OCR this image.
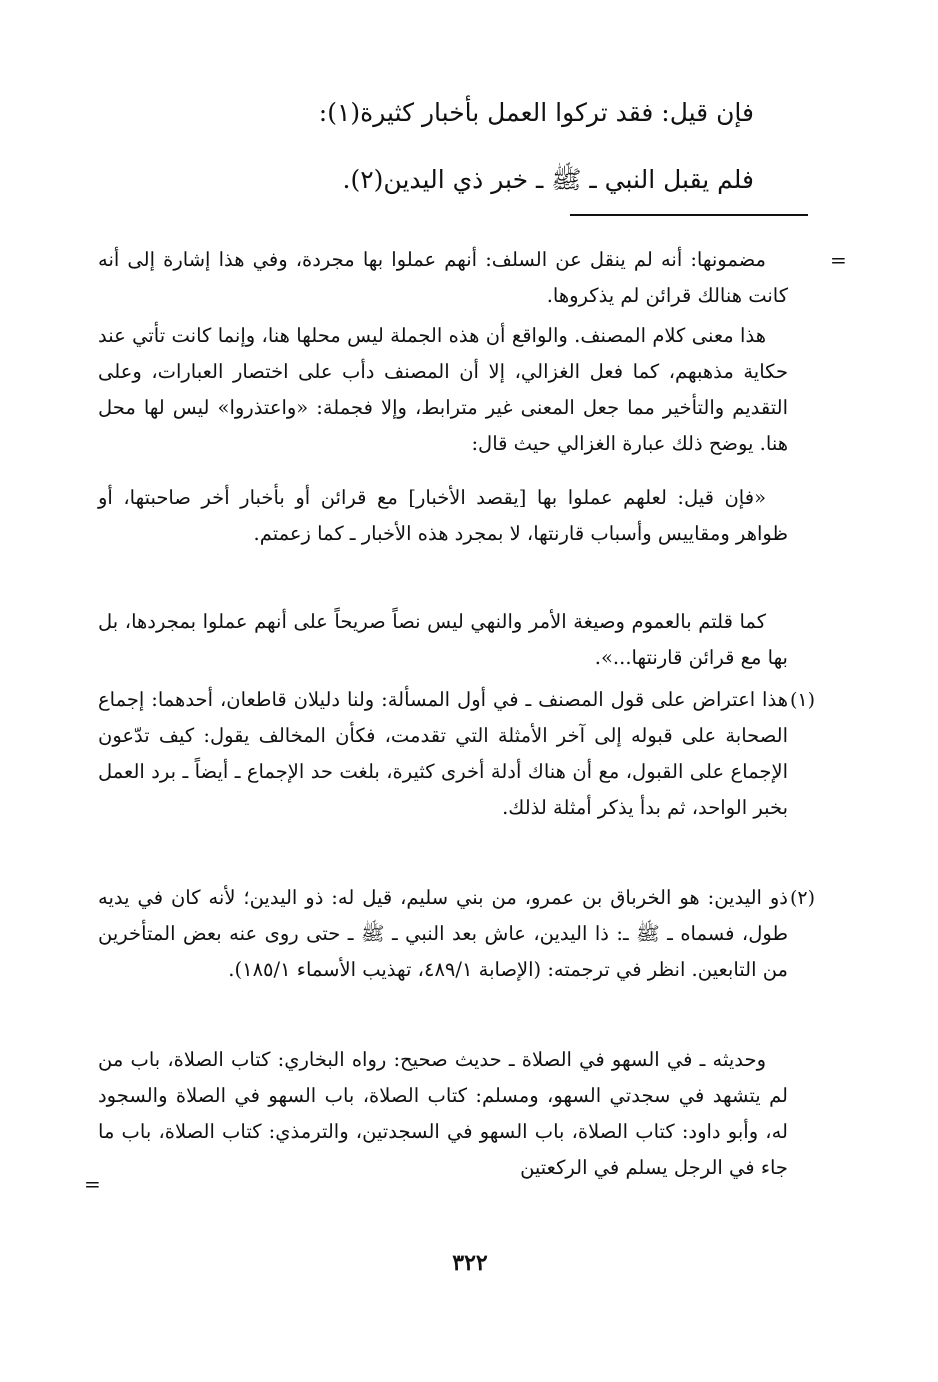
فإن قيل: فقد تركوا العمل بأخبار كثيرة(١):
فلم يقبل النبي ـ ﷺ ـ خبر ذي اليدين(٢).
=
مضمونها: أنه لم ينقل عن السلف: أنهم عملوا بها مجردة، وفي هذا إشارة إلى أنه كانت هنالك قرائن لم يذكروها.
هذا معنى كلام المصنف. والواقع أن هذه الجملة ليس محلها هنا، وإنما كانت تأتي عند حكاية مذهبهم، كما فعل الغزالي، إلا أن المصنف دأب على اختصار العبارات، وعلى التقديم والتأخير مما جعل المعنى غير مترابط، وإلا فجملة: «واعتذروا» ليس لها محل هنا. يوضح ذلك عبارة الغزالي حيث قال:
«فإن قيل: لعلهم عملوا بها [يقصد الأخبار] مع قرائن أو بأخبار أخر صاحبتها، أو ظواهر ومقاييس وأسباب قارنتها، لا بمجرد هذه الأخبار ـ كما زعمتم.
كما قلتم بالعموم وصيغة الأمر والنهي ليس نصاً صريحاً على أنهم عملوا بمجردها، بل بها مع قرائن قارنتها...».
(١)
هذا اعتراض على قول المصنف ـ في أول المسألة: ولنا دليلان قاطعان، أحدهما: إجماع الصحابة على قبوله إلى آخر الأمثلة التي تقدمت، فكأن المخالف يقول: كيف تدّعون الإجماع على القبول، مع أن هناك أدلة أخرى كثيرة، بلغت حد الإجماع ـ أيضاً ـ برد العمل بخبر الواحد، ثم بدأ يذكر أمثلة لذلك.
(٢)
ذو اليدين: هو الخرباق بن عمرو، من بني سليم، قيل له: ذو اليدين؛ لأنه كان في يديه طول، فسماه ـ ﷺ ـ: ذا اليدين، عاش بعد النبي ـ ﷺ ـ حتى روى عنه بعض المتأخرين من التابعين. انظر في ترجمته: (الإصابة ٤٨٩/١، تهذيب الأسماء ١٨٥/١).
وحديثه ـ في السهو في الصلاة ـ حديث صحيح: رواه البخاري: كتاب الصلاة، باب من لم يتشهد في سجدتي السهو، ومسلم: كتاب الصلاة، باب السهو في الصلاة والسجود له، وأبو داود: كتاب الصلاة، باب السهو في السجدتين، والترمذي: كتاب الصلاة، باب ما جاء في الرجل يسلم في الركعتين
=
٣٢٢
